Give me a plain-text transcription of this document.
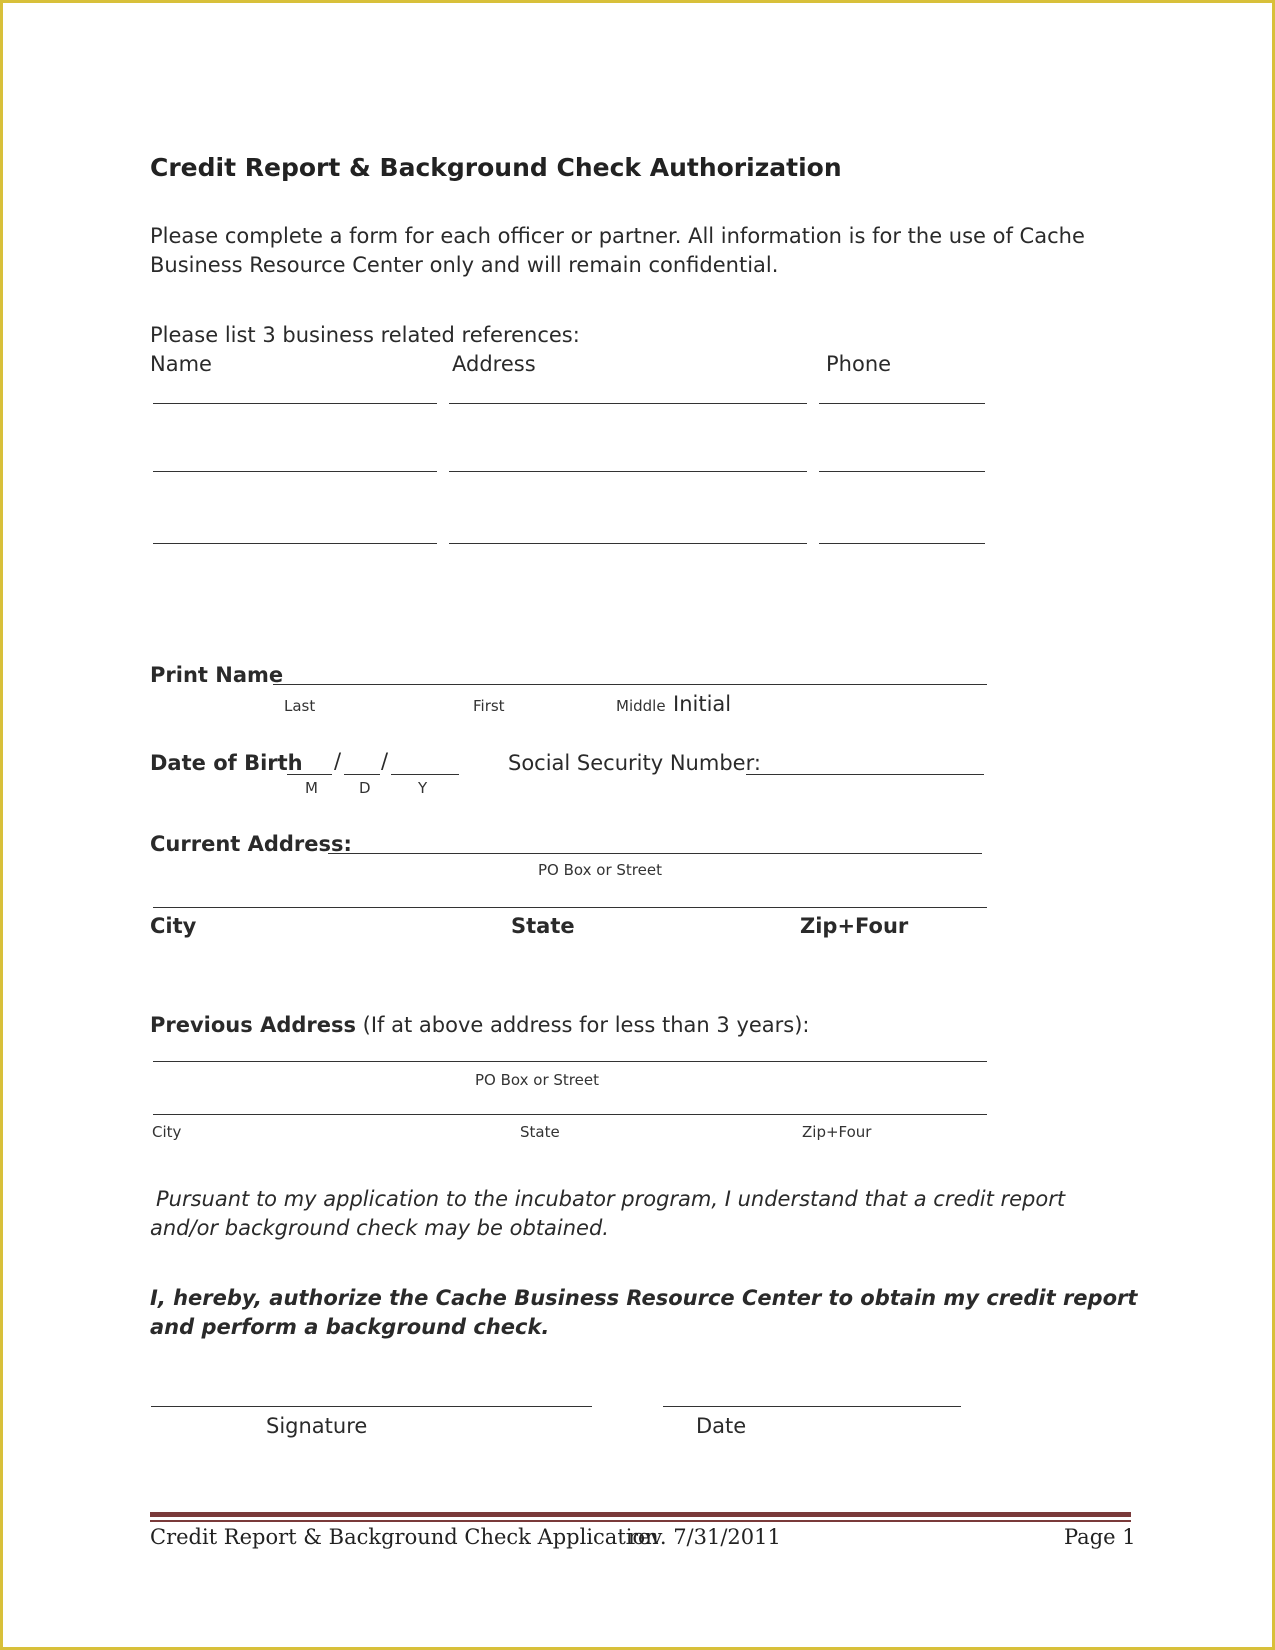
Credit Report & Background Check Authorization
Please complete a form for each officer or partner. All information is for the use of Cache Business Resource Center only and will remain confidential.
Please list 3 business related references:
Name	Address	Phone
Print Name
Last	First	Middle Initial
Date of Birth / /
M	D	Y
Social Security Number:
Current Address:
PO Box or Street
City	State	Zip+Four
Previous Address (If at above address for less than 3 years):
PO Box or Street
City	State	Zip+Four
Pursuant to my application to the incubator program, I understand that a credit report and/or background check may be obtained.
I, hereby, authorize the Cache Business Resource Center to obtain my credit report and perform a background check.
Signature	Date
Credit Report & Background Check Application
rev. 7/31/2011	Page 1
